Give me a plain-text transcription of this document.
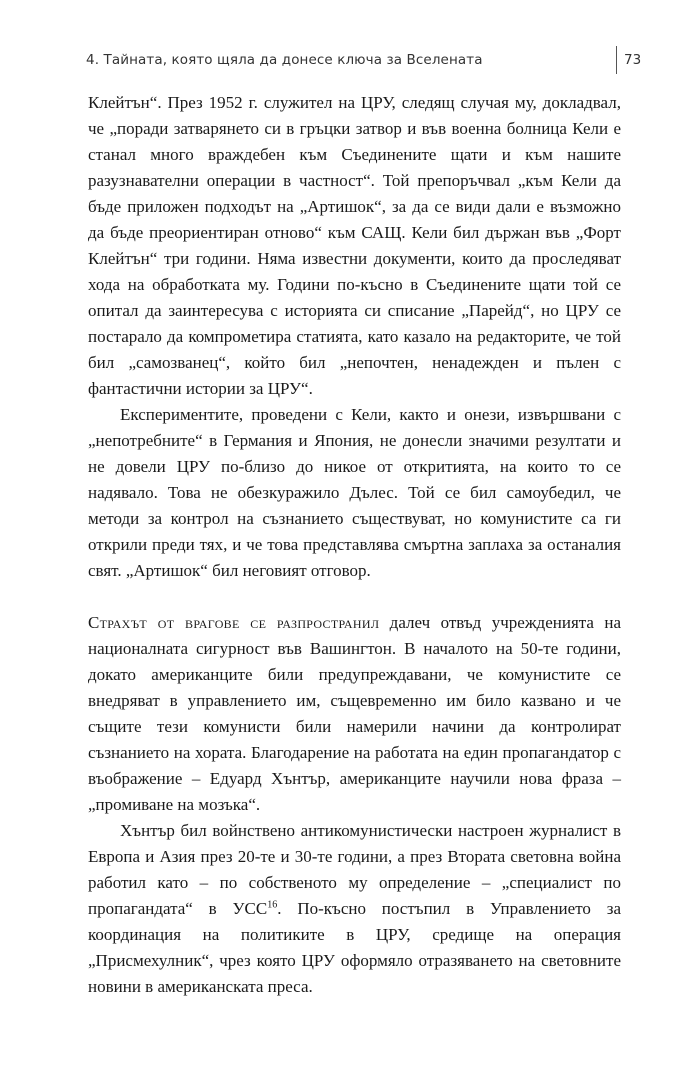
4. Тайната, която щяла да донесе ключа за Вселената	73

Клейтън“. През 1952 г. служител на ЦРУ, следящ случая му, докладвал, че „поради затварянето си в гръцки затвор и във военна болница Кели е станал много враждебен към Съединените щати и към нашите разузнавателни операции в частност“. Той препоръчвал „към Кели да бъде приложен подходът на „Артишок“, за да се види дали е възможно да бъде преориентиран отново“ към САЩ. Кели бил държан във „Форт Клейтън“ три години. Няма известни документи, които да проследяват хода на обработката му. Години по-късно в Съединените щати той се опитал да заинтересува с историята си списание „Парейд“, но ЦРУ се постарало да компрометира статията, като казало на редакторите, че той бил „самозванец“, който бил „непочтен, ненадежден и пълен с фантастични истории за ЦРУ“.

Експериментите, проведени с Кели, както и онези, извършвани с „непотребните“ в Германия и Япония, не донесли значими резултати и не довели ЦРУ по-близо до никое от откритията, на които то се надявало. Това не обезкуражило Дълес. Той се бил самоубедил, че методи за контрол на съзнанието съществуват, но комунистите са ги открили преди тях, и че това представлява смъртна заплаха за останалия свят. „Артишок“ бил неговият отговор.

Страхът от врагове се разпространил далеч отвъд учрежденията на националната сигурност във Вашингтон. В началото на 50-те години, докато американците били предупреждавани, че комунистите се внедряват в управлението им, същевременно им било казвано и че същите тези комунисти били намерили начини да контролират съзнанието на хората. Благодарение на работата на един пропагандатор с въображение – Едуард Хънтър, американците научили нова фраза – „промиване на мозъка“.

Хънтър бил войнствено антикомунистически настроен журналист в Европа и Азия през 20-те и 30-те години, а през Втората световна война работил като – по собственото му определение – „специалист по пропагандата“ в УСС$^{16}$. По-късно постъпил в Управлението за координация на политиките в ЦРУ, средище на операция „Присмехулник“, чрез която ЦРУ оформяло отразяването на световните новини в американската преса.
